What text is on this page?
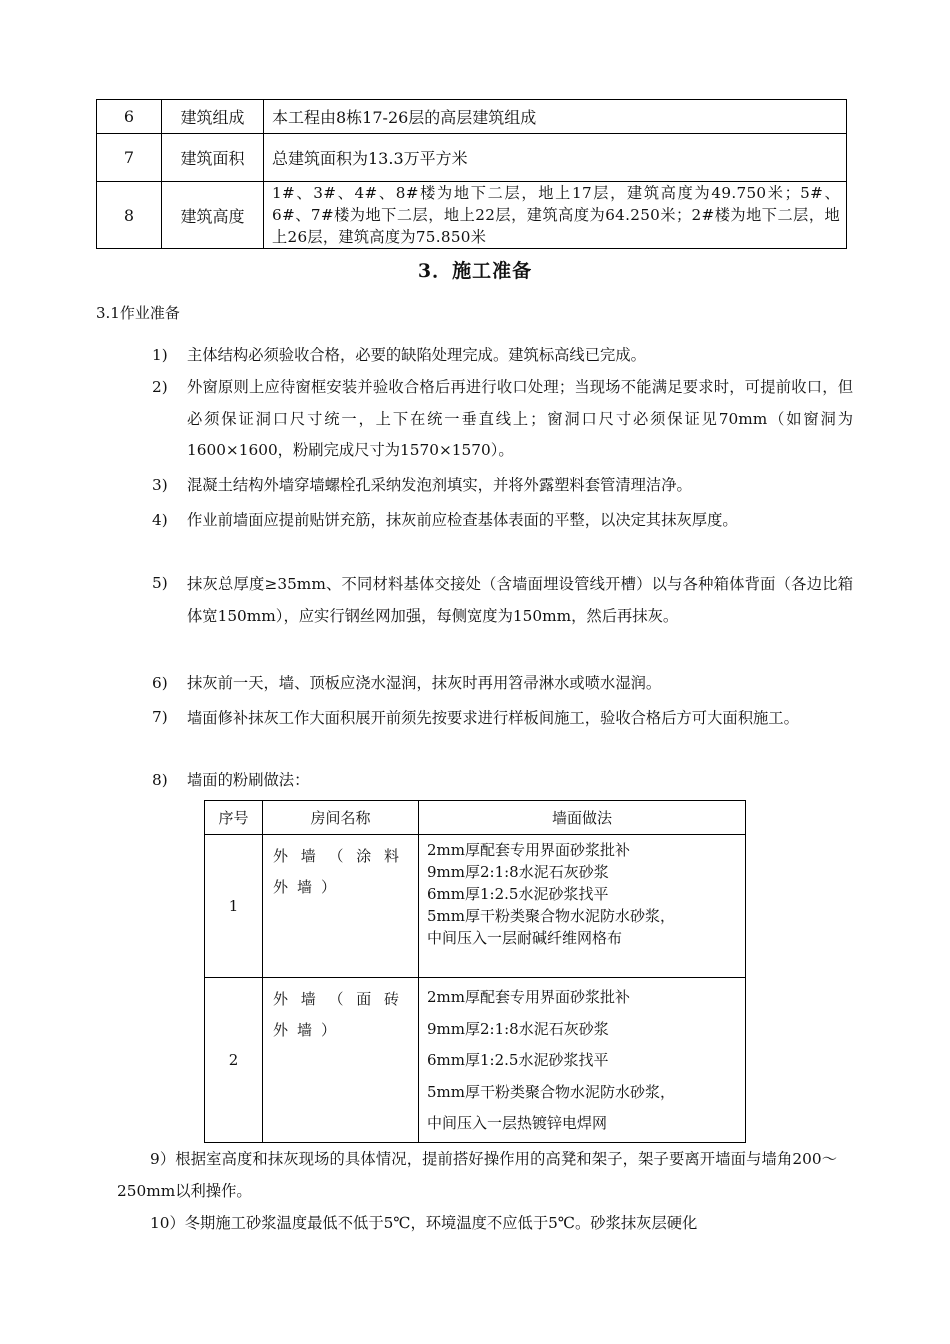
6	建筑组成	本工程由8栋17-26层的高层建筑组成
7	建筑面积	总建筑面积为13.3万平方米
8	建筑高度	1#、3#、4#、8#楼为地下二层，地上17层，建筑高度为49.750米；5#、6#、7#楼为地下二层，地上22层，建筑高度为64.250米；2#楼为地下二层，地上26层，建筑高度为75.850米
3．施工准备
3.1作业准备
1) 主体结构必须验收合格，必要的缺陷处理完成。建筑标高线已完成。
2) 外窗原则上应待窗框安装并验收合格后再进行收口处理；当现场不能满足要求时，可提前收口，但必须保证洞口尺寸统一，上下在统一垂直线上；窗洞口尺寸必须保证见70mm（如窗洞为1600×1600，粉刷完成尺寸为1570×1570）。
3) 混凝土结构外墙穿墙螺栓孔采纳发泡剂填实，并将外露塑料套管清理洁净。
4) 作业前墙面应提前贴饼充筋，抹灰前应检查基体表面的平整，以决定其抹灰厚度。
5) 抹灰总厚度≥35mm、不同材料基体交接处（含墙面埋设管线开槽）以与各种箱体背面（各边比箱体宽150mm），应实行钢丝网加强，每侧宽度为150mm，然后再抹灰。
6) 抹灰前一天，墙、顶板应浇水湿润，抹灰时再用笤帚淋水或喷水湿润。
7) 墙面修补抹灰工作大面积展开前须先按要求进行样板间施工，验收合格后方可大面积施工。
8) 墙面的粉刷做法：
序号	房间名称	墙面做法
1	外墙（涂料外墙）	2mm厚配套专用界面砂浆批补
9mm厚2:1:8水泥石灰砂浆
6mm厚1:2.5水泥砂浆找平
5mm厚干粉类聚合物水泥防水砂浆，
中间压入一层耐碱纤维网格布

2	外墙（面砖外墙）	2mm厚配套专用界面砂浆批补
9mm厚2:1:8水泥石灰砂浆
6mm厚1:2.5水泥砂浆找平
5mm厚干粉类聚合物水泥防水砂浆，
中间压入一层热镀锌电焊网
9）根据室高度和抹灰现场的具体情况，提前搭好操作用的高凳和架子，架子要离开墙面与墙角200～250mm以利操作。
10）冬期施工砂浆温度最低不低于5℃，环境温度不应低于5℃。砂浆抹灰层硬化
